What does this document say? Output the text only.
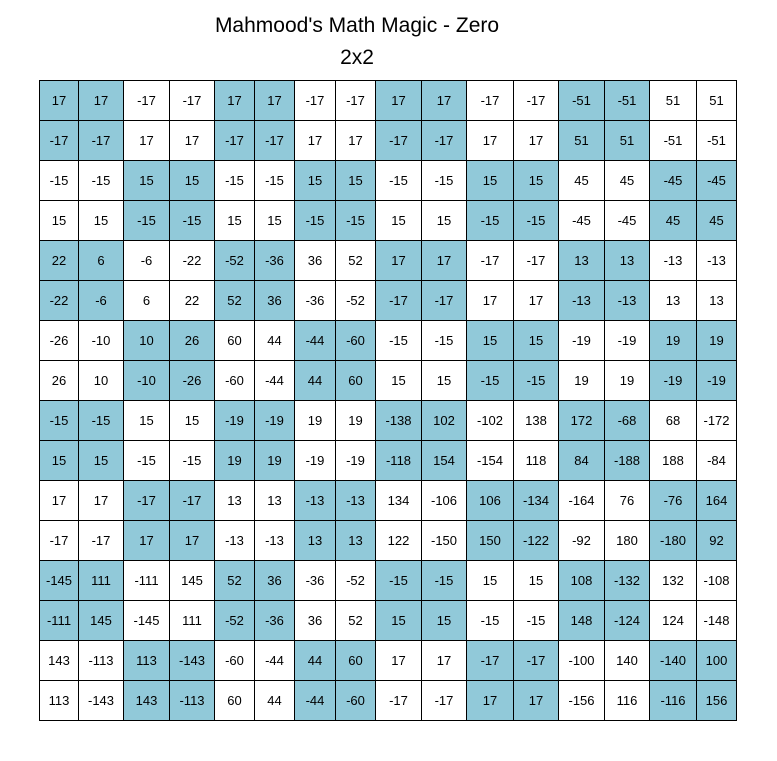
Mahmood's Math Magic - Zero
2x2
17	17	-17	-17	17	17	-17	-17	17	17	-17	-17	-51	-51	51	51
-17	-17	17	17	-17	-17	17	17	-17	-17	17	17	51	51	-51	-51
-15	-15	15	15	-15	-15	15	15	-15	-15	15	15	45	45	-45	-45
15	15	-15	-15	15	15	-15	-15	15	15	-15	-15	-45	-45	45	45
22	6	-6	-22	-52	-36	36	52	17	17	-17	-17	13	13	-13	-13
-22	-6	6	22	52	36	-36	-52	-17	-17	17	17	-13	-13	13	13
-26	-10	10	26	60	44	-44	-60	-15	-15	15	15	-19	-19	19	19
26	10	-10	-26	-60	-44	44	60	15	15	-15	-15	19	19	-19	-19
-15	-15	15	15	-19	-19	19	19	-138	102	-102	138	172	-68	68	-172
15	15	-15	-15	19	19	-19	-19	-118	154	-154	118	84	-188	188	-84
17	17	-17	-17	13	13	-13	-13	134	-106	106	-134	-164	76	-76	164
-17	-17	17	17	-13	-13	13	13	122	-150	150	-122	-92	180	-180	92
-145	111	-111	145	52	36	-36	-52	-15	-15	15	15	108	-132	132	-108
-111	145	-145	111	-52	-36	36	52	15	15	-15	-15	148	-124	124	-148
143	-113	113	-143	-60	-44	44	60	17	17	-17	-17	-100	140	-140	100
113	-143	143	-113	60	44	-44	-60	-17	-17	17	17	-156	116	-116	156
